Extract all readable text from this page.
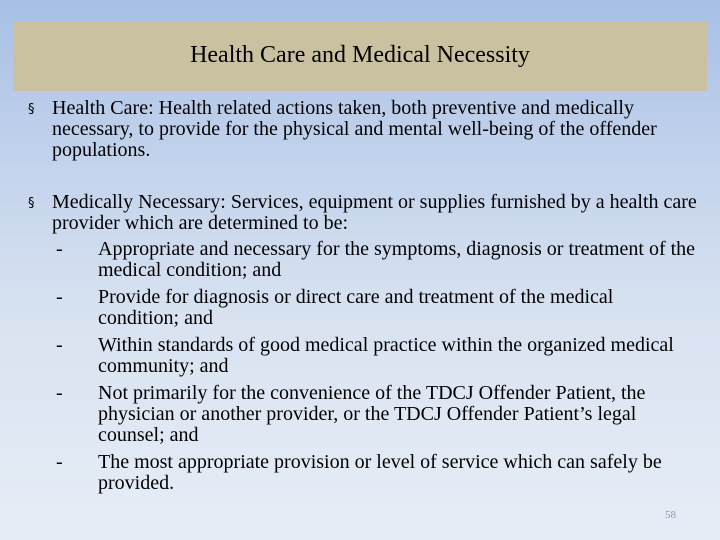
Health Care and Medical Necessity
§ Health Care: Health related actions taken, both preventive and medically necessary, to provide for the physical and mental well-being of the offender populations.
§ Medically Necessary: Services, equipment or supplies furnished by a health care provider which are determined to be:
- Appropriate and necessary for the symptoms, diagnosis or treatment of the medical condition; and
- Provide for diagnosis or direct care and treatment of the medical condition; and
- Within standards of good medical practice within the organized medical community; and
- Not primarily for the convenience of the TDCJ Offender Patient, the physician or another provider, or the TDCJ Offender Patient’s legal counsel; and
- The most appropriate provision or level of service which can safely be provided.
58
